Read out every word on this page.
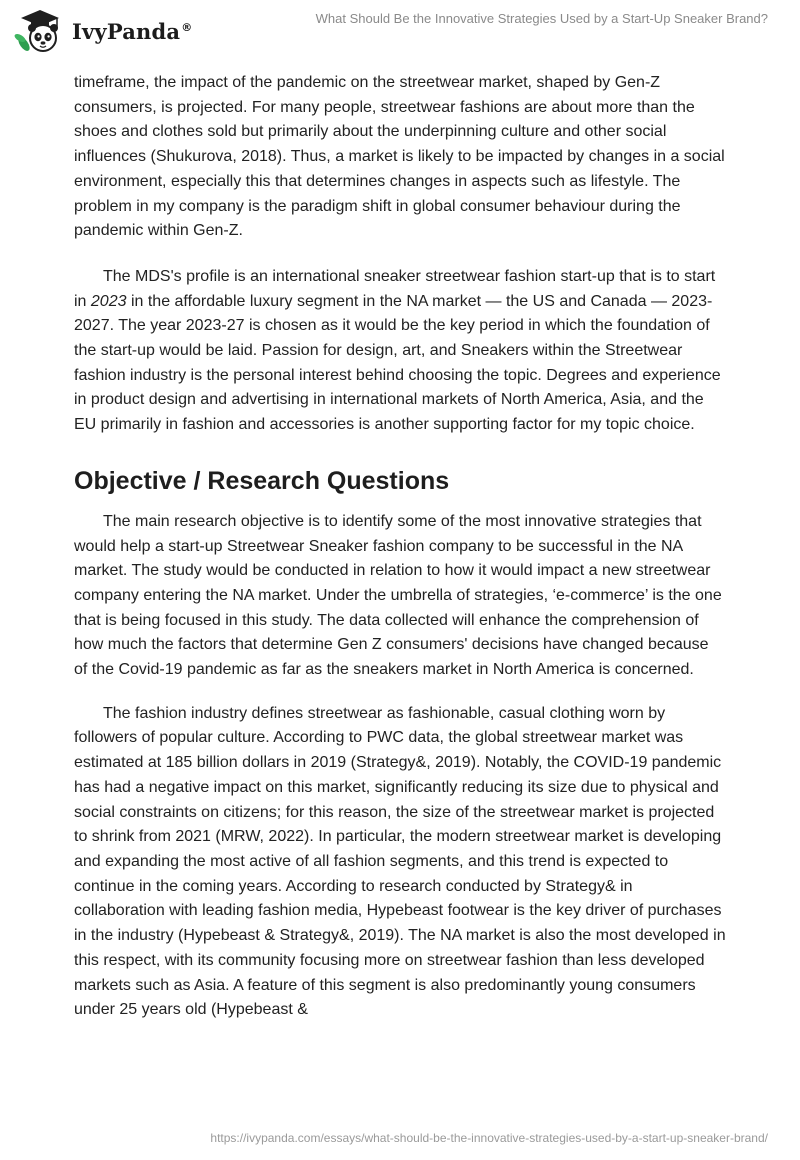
IvyPanda®
What Should Be the Innovative Strategies Used by a Start-Up Sneaker Brand?

timeframe, the impact of the pandemic on the streetwear market, shaped by Gen-Z consumers, is projected. For many people, streetwear fashions are about more than the shoes and clothes sold but primarily about the underpinning culture and other social influences (Shukurova, 2018). Thus, a market is likely to be impacted by changes in a social environment, especially this that determines changes in aspects such as lifestyle. The problem in my company is the paradigm shift in global consumer behaviour during the pandemic within Gen-Z.

The MDS's profile is an international sneaker streetwear fashion start-up that is to start in 2023 in the affordable luxury segment in the NA market — the US and Canada — 2023-2027. The year 2023-27 is chosen as it would be the key period in which the foundation of the start-up would be laid. Passion for design, art, and Sneakers within the Streetwear fashion industry is the personal interest behind choosing the topic. Degrees and experience in product design and advertising in international markets of North America, Asia, and the EU primarily in fashion and accessories is another supporting factor for my topic choice.

Objective / Research Questions

The main research objective is to identify some of the most innovative strategies that would help a start-up Streetwear Sneaker fashion company to be successful in the NA market. The study would be conducted in relation to how it would impact a new streetwear company entering the NA market. Under the umbrella of strategies, ‘e-commerce’ is the one that is being focused in this study. The data collected will enhance the comprehension of how much the factors that determine Gen Z consumers' decisions have changed because of the Covid-19 pandemic as far as the sneakers market in North America is concerned.

The fashion industry defines streetwear as fashionable, casual clothing worn by followers of popular culture. According to PWC data, the global streetwear market was estimated at 185 billion dollars in 2019 (Strategy&, 2019). Notably, the COVID-19 pandemic has had a negative impact on this market, significantly reducing its size due to physical and social constraints on citizens; for this reason, the size of the streetwear market is projected to shrink from 2021 (MRW, 2022). In particular, the modern streetwear market is developing and expanding the most active of all fashion segments, and this trend is expected to continue in the coming years. According to research conducted by Strategy& in collaboration with leading fashion media, Hypebeast footwear is the key driver of purchases in the industry (Hypebeast & Strategy&, 2019). The NA market is also the most developed in this respect, with its community focusing more on streetwear fashion than less developed markets such as Asia. A feature of this segment is also predominantly young consumers under 25 years old (Hypebeast &

https://ivypanda.com/essays/what-should-be-the-innovative-strategies-used-by-a-start-up-sneaker-brand/
